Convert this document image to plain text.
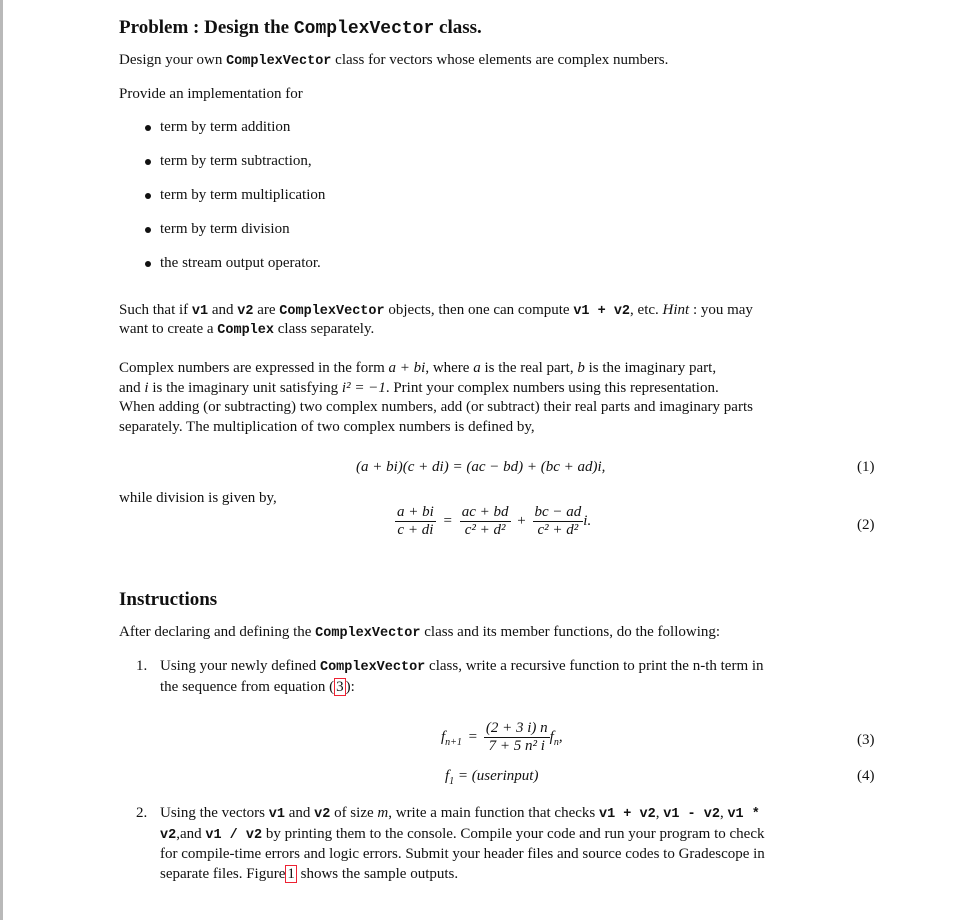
Problem : Design the ComplexVector class.
Design your own ComplexVector class for vectors whose elements are complex numbers.
Provide an implementation for
term by term addition
term by term subtraction,
term by term multiplication
term by term division
the stream output operator.
Such that if v1 and v2 are ComplexVector objects, then one can compute v1 + v2, etc. Hint : you may
want to create a Complex class separately.
Complex numbers are expressed in the form a + bi, where a is the real part, b is the imaginary part,
and i is the imaginary unit satisfying i² = −1. Print your complex numbers using this representation.
When adding (or subtracting) two complex numbers, add (or subtract) their real parts and imaginary parts
separately. The multiplication of two complex numbers is defined by,
(a + bi)(c + di) = (ac − bd) + (bc + ad)i,	(1)
while division is given by,
$\frac{a + bi}{c + di} = \frac{ac + bd}{\text{c² + d²}} + \frac{bc - ad}{\text{c² + d²}} i$.	(2)
Instructions
After declaring and defining the ComplexVector class and its member functions, do the following:
1. Using your newly defined ComplexVector class, write a recursive function to print the n-th term in
the sequence from equation ( 3 ):
$f_{n+1} = \frac{(2 + 3 i) n}{\text{7 + 5 n² i}} f_n$,	(3)
$f_1$ = (userinput)	(4)
2. Using the vectors v1 and v2 of size m, write a main function that checks v1 + v2, v1 - v2, v1 *
v2,and v1 / v2 by printing them to the console. Compile your code and run your program to check
for compile-time errors and logic errors. Submit your header files and source codes to Gradescope in
separate files. Figure 1 shows the sample outputs.
